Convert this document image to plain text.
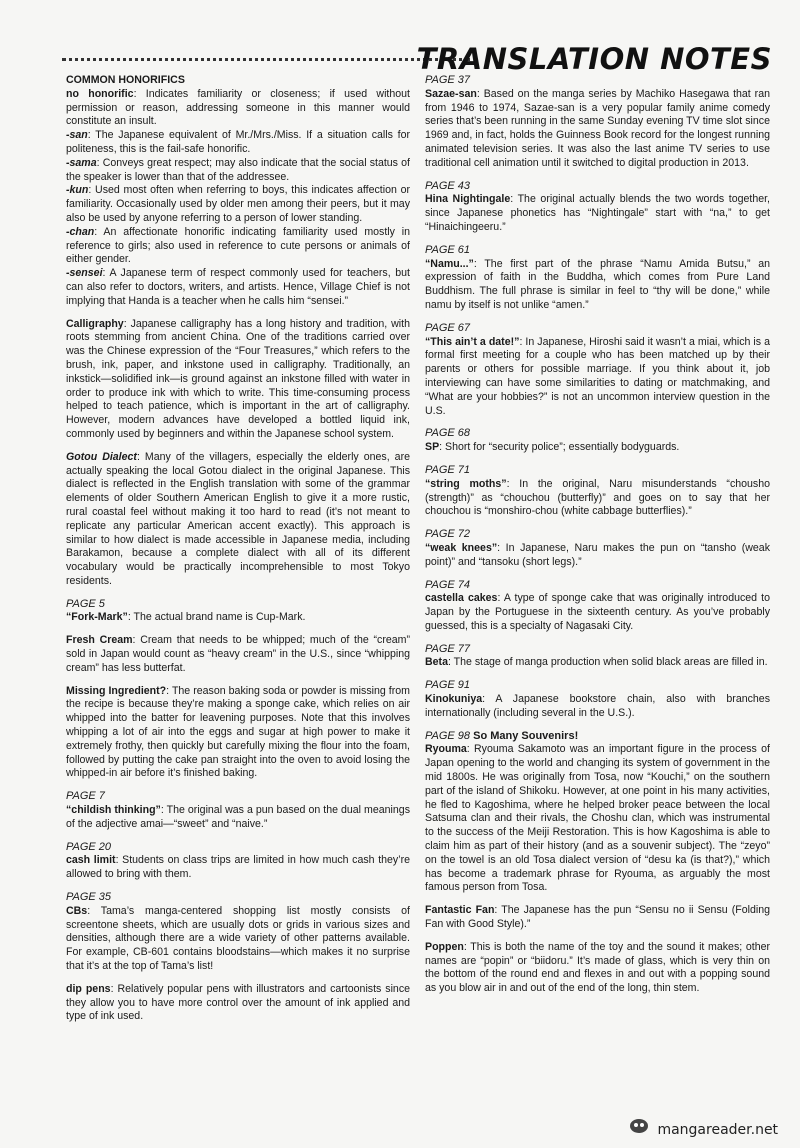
TRANSLATION NOTES

COMMON HONORIFICS

no honorific: Indicates familiarity or closeness; if used without permission or reason, addressing someone in this manner would constitute an insult.

-san: The Japanese equivalent of Mr./Mrs./Miss. If a situation calls for politeness, this is the fail-safe honorific.

-sama: Conveys great respect; may also indicate that the social status of the speaker is lower than that of the addressee.

-kun: Used most often when referring to boys, this indicates affection or familiarity. Occasionally used by older men among their peers, but it may also be used by anyone referring to a person of lower standing.

-chan: An affectionate honorific indicating familiarity used mostly in reference to girls; also used in reference to cute persons or animals of either gender.

-sensei: A Japanese term of respect commonly used for teachers, but can also refer to doctors, writers, and artists. Hence, Village Chief is not implying that Handa is a teacher when he calls him “sensei.”

Calligraphy: Japanese calligraphy has a long history and tradition, with roots stemming from ancient China. One of the traditions carried over was the Chinese expression of the “Four Treasures,” which refers to the brush, ink, paper, and inkstone used in calligraphy. Traditionally, an inkstick—solidified ink—is ground against an inkstone filled with water in order to produce ink with which to write. This time-consuming process helped to teach patience, which is important in the art of calligraphy. However, modern advances have developed a bottled liquid ink, commonly used by beginners and within the Japanese school system.

Gotou Dialect: Many of the villagers, especially the elderly ones, are actually speaking the local Gotou dialect in the original Japanese. This dialect is reflected in the English translation with some of the grammar elements of older Southern American English to give it a more rustic, rural coastal feel without making it too hard to read (it’s not meant to replicate any particular American accent exactly). This approach is similar to how dialect is made accessible in Japanese media, including Barakamon, because a complete dialect with all of its different vocabulary would be practically incomprehensible to most Tokyo residents.

PAGE 5

“Fork-Mark”: The actual brand name is Cup-Mark.

Fresh Cream: Cream that needs to be whipped; much of the “cream” sold in Japan would count as “heavy cream” in the U.S., since “whipping cream” has less butterfat.

Missing Ingredient?: The reason baking soda or powder is missing from the recipe is because they’re making a sponge cake, which relies on air whipped into the batter for leavening purposes. Note that this involves whipping a lot of air into the eggs and sugar at high power to make it extremely frothy, then quickly but carefully mixing the flour into the foam, followed by putting the cake pan straight into the oven to avoid losing the whipped-in air before it’s finished baking.

PAGE 7

“childish thinking”: The original was a pun based on the dual meanings of the adjective amai—“sweet” and “naive.”

PAGE 20

cash limit: Students on class trips are limited in how much cash they’re allowed to bring with them.

PAGE 35

CBs: Tama’s manga-centered shopping list mostly consists of screentone sheets, which are usually dots or grids in various sizes and densities, although there are a wide variety of other patterns available. For example, CB-601 contains bloodstains—which makes it no surprise that it’s at the top of Tama’s list!

dip pens: Relatively popular pens with illustrators and cartoonists since they allow you to have more control over the amount of ink applied and type of ink used.

PAGE 37

Sazae-san: Based on the manga series by Machiko Hasegawa that ran from 1946 to 1974, Sazae-san is a very popular family anime comedy series that’s been running in the same Sunday evening TV time slot since 1969 and, in fact, holds the Guinness Book record for the longest running animated television series. It was also the last anime TV series to use traditional cell animation until it switched to digital production in 2013.

PAGE 43

Hina Nightingale: The original actually blends the two words together, since Japanese phonetics has “Nightingale” start with “na,” to get “Hinaichingeeru.”

PAGE 61

“Namu...”: The first part of the phrase “Namu Amida Butsu,” an expression of faith in the Buddha, which comes from Pure Land Buddhism. The full phrase is similar in feel to “thy will be done,” while namu by itself is not unlike “amen.”

PAGE 67

“This ain’t a date!”: In Japanese, Hiroshi said it wasn’t a miai, which is a formal first meeting for a couple who has been matched up by their parents or others for possible marriage. If you think about it, job interviewing can have some similarities to dating or matchmaking, and “What are your hobbies?” is not an uncommon interview question in the U.S.

PAGE 68

SP: Short for “security police”; essentially bodyguards.

PAGE 71

“string moths”: In the original, Naru misunderstands “chousho (strength)” as “chouchou (butterfly)” and goes on to say that her chouchou is “monshiro-chou (white cabbage butterflies).”

PAGE 72

“weak knees”: In Japanese, Naru makes the pun on “tansho (weak point)” and “tansoku (short legs).”

PAGE 74

castella cakes: A type of sponge cake that was originally introduced to Japan by the Portuguese in the sixteenth century. As you’ve probably guessed, this is a specialty of Nagasaki City.

PAGE 77

Beta: The stage of manga production when solid black areas are filled in.

PAGE 91

Kinokuniya: A Japanese bookstore chain, also with branches internationally (including several in the U.S.).

PAGE 98 So Many Souvenirs!

Ryouma: Ryouma Sakamoto was an important figure in the process of Japan opening to the world and changing its system of government in the mid 1800s. He was originally from Tosa, now “Kouchi,” on the southern part of the island of Shikoku. However, at one point in his many activities, he fled to Kagoshima, where he helped broker peace between the local Satsuma clan and their rivals, the Choshu clan, which was instrumental to the success of the Meiji Restoration. This is how Kagoshima is able to claim him as part of their history (and as a souvenir subject). The “zeyo” on the towel is an old Tosa dialect version of “desu ka (is that?),” which has become a trademark phrase for Ryouma, as arguably the most famous person from Tosa.

Fantastic Fan: The Japanese has the pun “Sensu no ii Sensu (Folding Fan with Good Style).”

Poppen: This is both the name of the toy and the sound it makes; other names are “popin” or “biidoru.” It’s made of glass, which is very thin on the bottom of the round end and flexes in and out with a popping sound as you blow air in and out of the end of the long, thin stem.

mangareader.net
